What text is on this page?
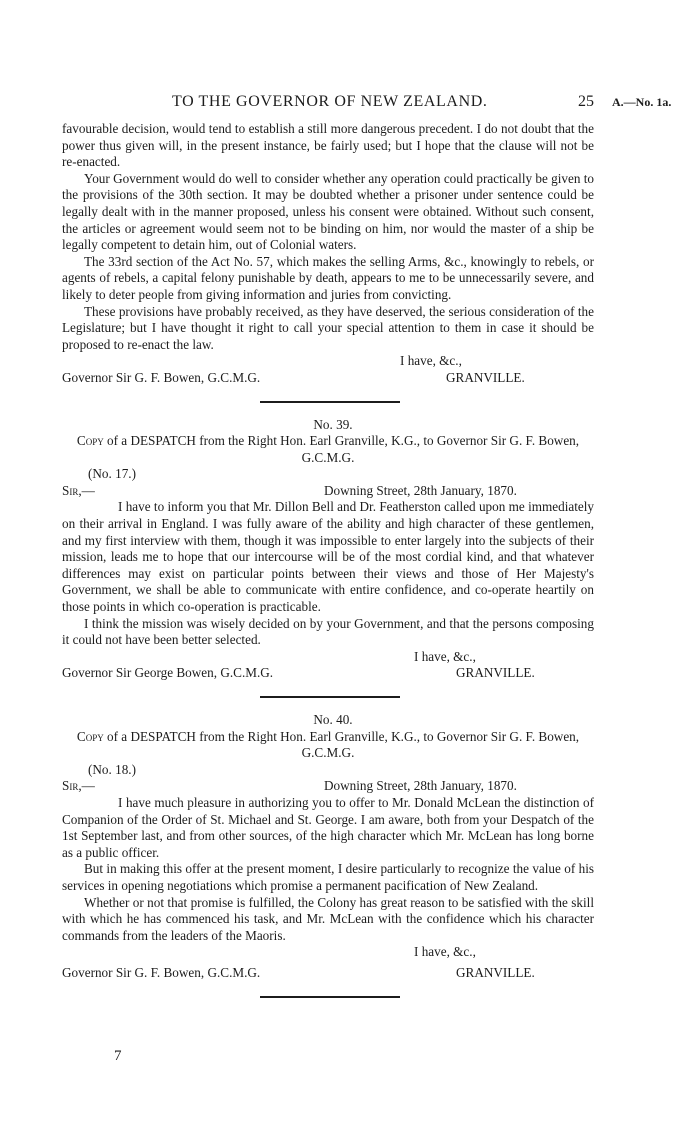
TO THE GOVERNOR OF NEW ZEALAND.	25 A.—No. 1a.

favourable decision, would tend to establish a still more dangerous precedent. I do not doubt that the power thus given will, in the present instance, be fairly used; but I hope that the clause will not be re-enacted.

Your Government would do well to consider whether any operation could practically be given to the provisions of the 30th section. It may be doubted whether a prisoner under sentence could be legally dealt with in the manner proposed, unless his consent were obtained. Without such consent, the articles or agreement would seem not to be binding on him, nor would the master of a ship be legally competent to detain him, out of Colonial waters.

The 33rd section of the Act No. 57, which makes the selling Arms, &c., knowingly to rebels, or agents of rebels, a capital felony punishable by death, appears to me to be unnecessarily severe, and likely to deter people from giving information and juries from convicting.

These provisions have probably received, as they have deserved, the serious consideration of the Legislature; but I have thought it right to call your special attention to them in case it should be proposed to re-enact the law.

I have, &c.,
Governor Sir G. F. Bowen, G.C.M.G.	GRANVILLE.
No. 39.

Copy of a DESPATCH from the Right Hon. Earl Granville, K.G., to Governor Sir G. F. Bowen, G.C.M.G.

(No. 17.)
Sir,—	Downing Street, 28th January, 1870.

I have to inform you that Mr. Dillon Bell and Dr. Featherston called upon me immediately on their arrival in England. I was fully aware of the ability and high character of these gentlemen, and my first interview with them, though it was impossible to enter largely into the subjects of their mission, leads me to hope that our intercourse will be of the most cordial kind, and that whatever differences may exist on particular points between their views and those of Her Majesty's Government, we shall be able to communicate with entire confidence, and co-operate heartily on those points in which co-operation is practicable.

I think the mission was wisely decided on by your Government, and that the persons composing it could not have been better selected.

I have, &c.,
Governor Sir George Bowen, G.C.M.G.	GRANVILLE.
No. 40.

Copy of a DESPATCH from the Right Hon. Earl Granville, K.G., to Governor Sir G. F. Bowen, G.C.M.G.

(No. 18.)
Sir,—	Downing Street, 28th January, 1870.

I have much pleasure in authorizing you to offer to Mr. Donald McLean the distinction of Companion of the Order of St. Michael and St. George. I am aware, both from your Despatch of the 1st September last, and from other sources, of the high character which Mr. McLean has long borne as a public officer.

But in making this offer at the present moment, I desire particularly to recognize the value of his services in opening negotiations which promise a permanent pacification of New Zealand.

Whether or not that promise is fulfilled, the Colony has great reason to be satisfied with the skill with which he has commenced his task, and Mr. McLean with the confidence which his character commands from the leaders of the Maoris.

I have, &c.,
Governor Sir G. F. Bowen, G.C.M.G.	GRANVILLE.
7
